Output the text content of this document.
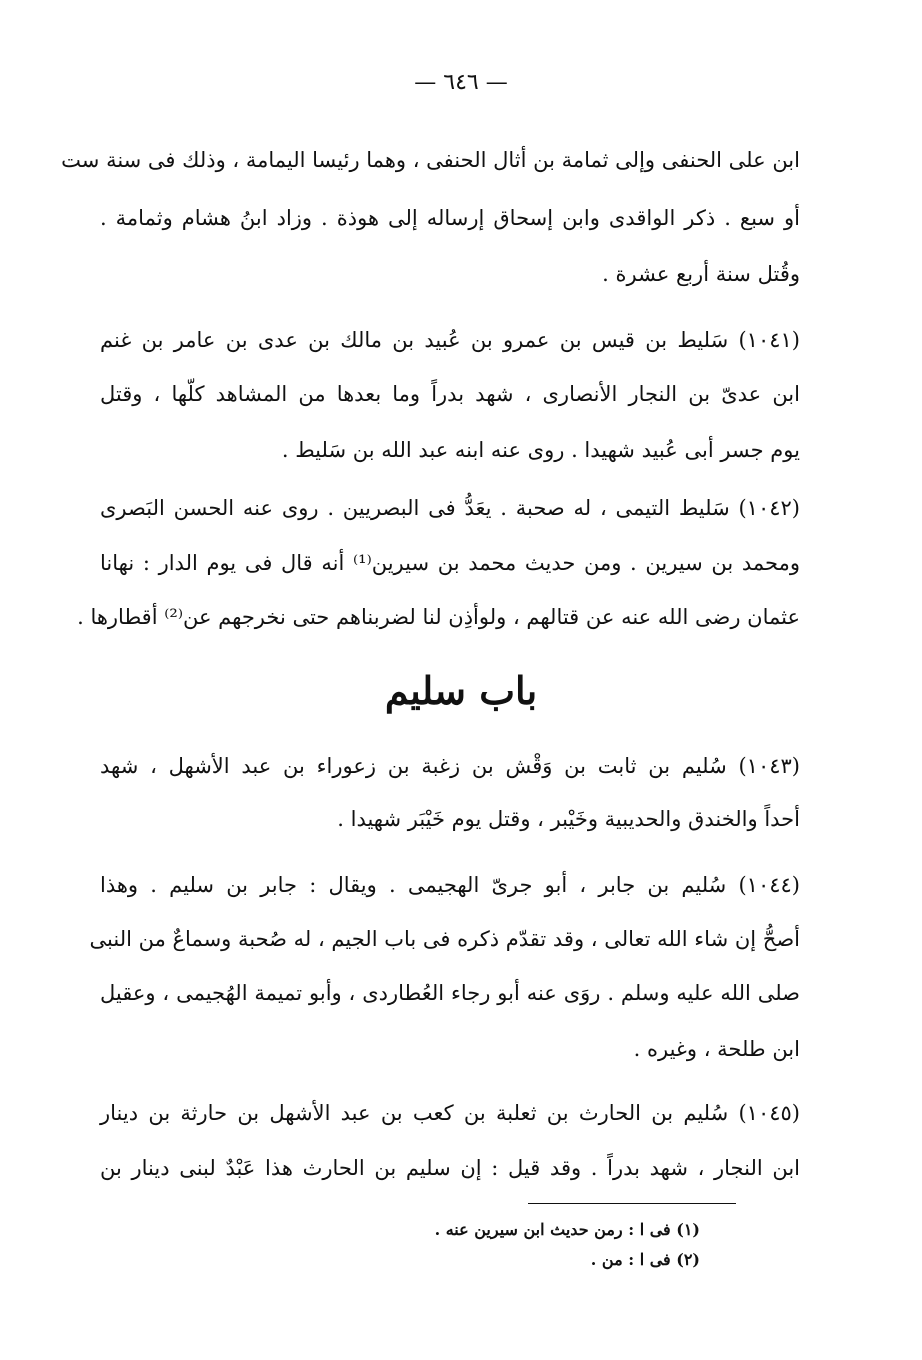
— ٦٤٦ —
ابن على الحنفى وإلى ثمامة بن أثال الحنفى ، وهما رئيسا اليمامة ، وذلك فى سنة ست
أو سبع . ذكر الواقدى وابن إسحاق إرساله إلى هوذة . وزاد ابنُ هشام وثمامة .
وقُتل سنة أربع عشرة .
(١٠٤١) سَليط بن قيس بن عمرو بن عُبيد بن مالك بن عدى بن عامر بن غنم
ابن عدىّ بن النجار الأنصارى ، شهد بدراً وما بعدها من المشاهد كلّها ، وقتل
يوم جسر أبى عُبيد شهيدا . روى عنه ابنه عبد الله بن سَليط .
(١٠٤٢) سَليط التيمى ، له صحبة . يعَدُّ فى البصريين . روى عنه الحسن البَصرى
ومحمد بن سيرين . ومن حديث محمد بن سيرين⁽¹⁾ أنه قال فى يوم الدار : نهانا
عثمان رضى الله عنه عن قتالهم ، ولوأذِن لنا لضربناهم حتى نخرجهم عن⁽²⁾ أقطارها .
(١٠٤٣) سُليم بن ثابت بن وَقْش بن زغبة بن زعوراء بن عبد الأشهل ، شهد
أحداً والخندق والحديبية وخَيْبر ، وقتل يوم خَيْبَر شهيدا .
(١٠٤٤) سُليم بن جابر ، أبو جرىّ الهجيمى . ويقال : جابر بن سليم . وهذا
أصحُّ إن شاء الله تعالى ، وقد تقدّم ذكره فى باب الجيم ، له صُحبة وسماعٌ من النبى
صلى الله عليه وسلم . روَى عنه أبو رجاء العُطاردى ، وأبو تميمة الهُجيمى ، وعقيل
ابن طلحة ، وغيره .
(١٠٤٥) سُليم بن الحارث بن ثعلبة بن كعب بن عبد الأشهل بن حارثة بن دينار
ابن النجار ، شهد بدراً . وقد قيل : إن سليم بن الحارث هذا عَبْدٌ لبنى دينار بن
باب سليم
(١) فى ا : رمن حديث ابن سيرين عنه .
(٢) فى ا : من .
